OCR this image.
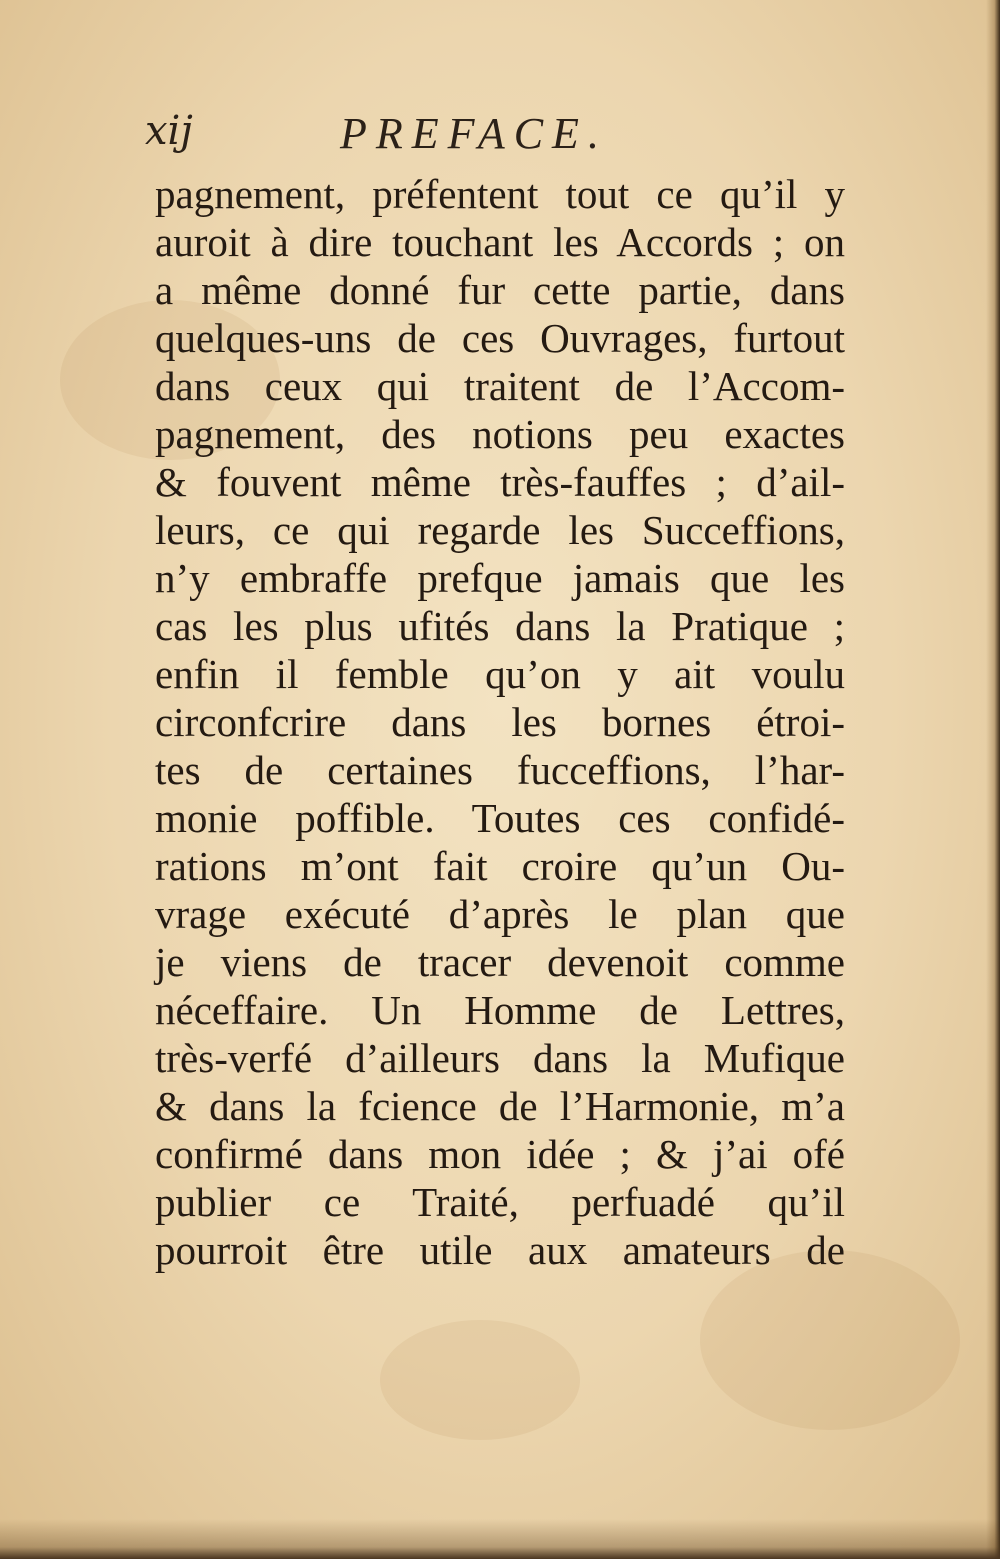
xij	PREFACE.
pagnement, préfentent tout ce qu’il y
auroit à dire touchant les Accords ; on
a même donné fur cette partie, dans
quelques-uns de ces Ouvrages, furtout
dans ceux qui traitent de l’Accom-
pagnement, des notions peu exactes
& fouvent même très-fauffes ; d’ail-
leurs, ce qui regarde les Succeffions,
n’y embraffe prefque jamais que les
cas les plus ufités dans la Pratique ;
enfin il femble qu’on y ait voulu
circonfcrire dans les bornes étroi-
tes de certaines fucceffions, l’har-
monie poffible. Toutes ces confidé-
rations m’ont fait croire qu’un Ou-
vrage exécuté d’après le plan que
je viens de tracer devenoit comme
néceffaire. Un Homme de Lettres,
très-verfé d’ailleurs dans la Mufique
& dans la fcience de l’Harmonie, m’a
confirmé dans mon idée ; & j’ai ofé
publier ce Traité, perfuadé qu’il
pourroit être utile aux amateurs de
